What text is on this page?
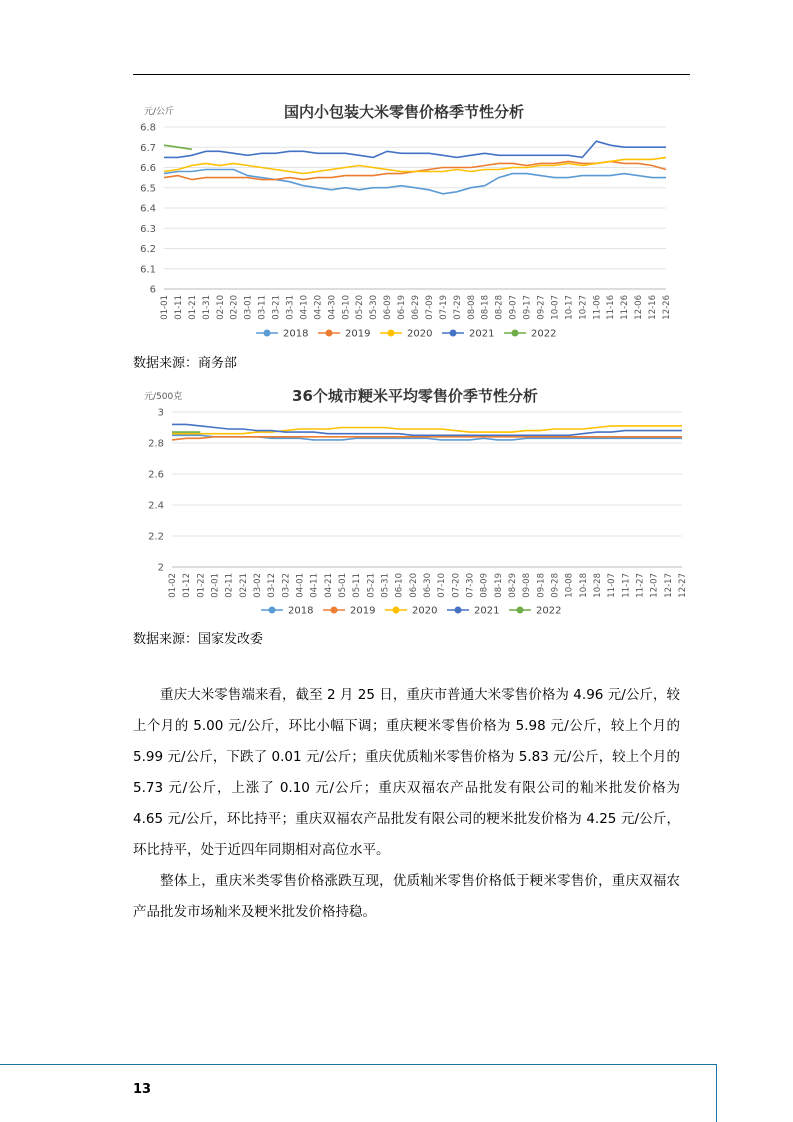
国内小包装大米零售价格季节性分析
元/公斤
6.8
6.7
6.6
6.5
6.4
6.3
6.2
6.1
6
01-01 01-11 01-21 01-31 02-10 02-20 03-01 03-11 03-21 03-31 04-10 04-20 04-30 05-10 05-20 05-30 06-09 06-19 06-29 07-09 07-19 07-29 08-08 08-18 08-28 09-07 09-17 09-27 10-07 10-17 10-27 11-06 11-16 11-26 12-06 12-16 12-26
2018	2019	2020	2021	2022
数据来源：商务部
36个城市粳米平均零售价季节性分析
元/500克
3
2.8
2.6
2.4
2.2
2
01-02 01-12 01-22 02-01 02-11 02-21 03-02 03-12 03-22 04-01 04-11 04-21 05-01 05-11 05-21 05-31 06-10 06-20 06-30 07-10 07-20 07-30 08-09 08-19 08-29 09-08 09-18 09-28 10-08 10-18 10-28 11-07 11-17 11-27 12-07 12-17 12-27
2018	2019	2020	2021	2022
数据来源：国家发改委
重庆大米零售端来看，截至 2 月 25 日，重庆市普通大米零售价格为 4.96 元/公斤，较上个月的 5.00 元/公斤，环比小幅下调；重庆粳米零售价格为 5.98 元/公斤，较上个月的 5.99 元/公斤，下跌了 0.01 元/公斤；重庆优质籼米零售价格为 5.83 元/公斤，较上个月的 5.73 元/公斤，上涨了 0.10 元/公斤；重庆双福农产品批发有限公司的籼米批发价格为 4.65 元/公斤，环比持平；重庆双福农产品批发有限公司的粳米批发价格为 4.25 元/公斤，环比持平，处于近四年同期相对高位水平。
整体上，重庆米类零售价格涨跌互现，优质籼米零售价格低于粳米零售价，重庆双福农产品批发市场籼米及粳米批发价格持稳。
13
